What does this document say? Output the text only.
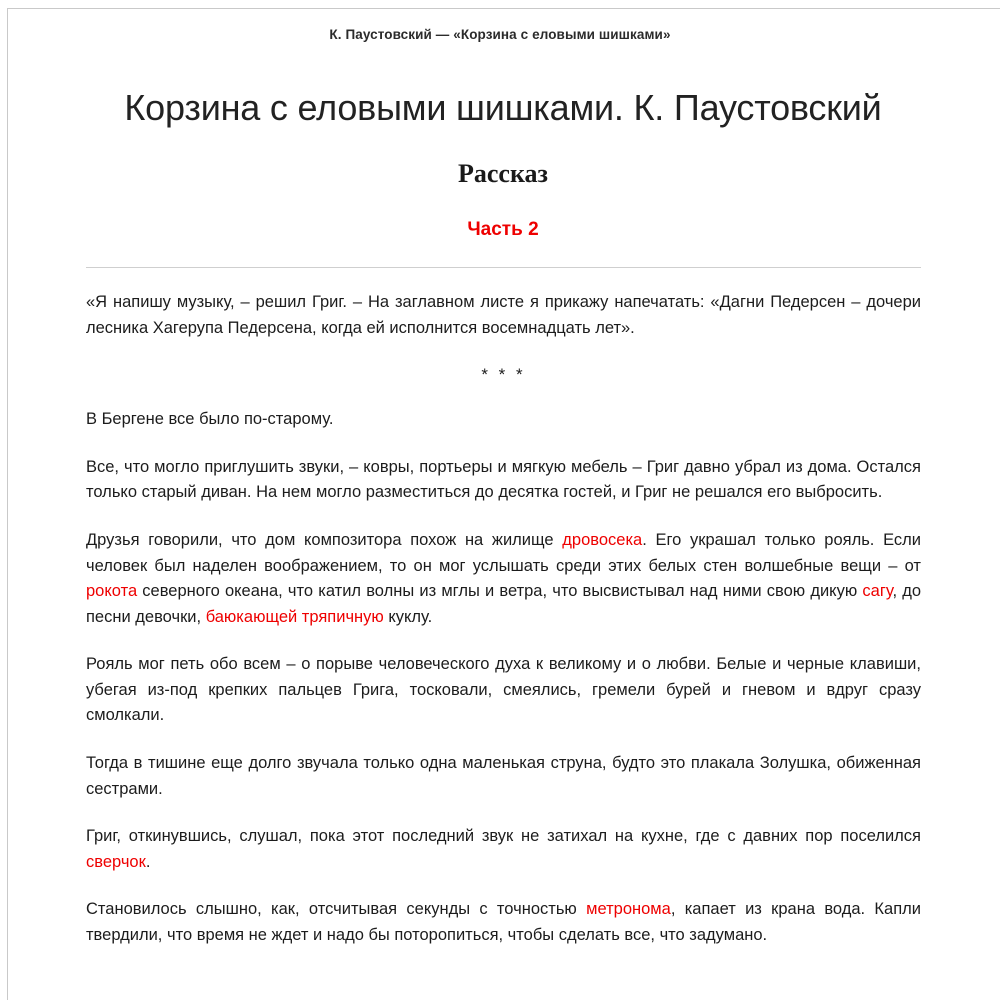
К. Паустовский — «Корзина с еловыми шишками»
Корзина с еловыми шишками. К. Паустовский
Рассказ
Часть 2

«Я напишу музыку, – решил Григ. – На заглавном листе я прикажу напечатать: «Дагни Педерсен – дочери лесника Хагерупа Педерсена, когда ей исполнится восемнадцать лет».

* * *

В Бергене все было по-старому.

Все, что могло приглушить звуки, – ковры, портьеры и мягкую мебель – Григ давно убрал из дома. Остался только старый диван. На нем могло разместиться до десятка гостей, и Григ не решался его выбросить.

Друзья говорили, что дом композитора похож на жилище дровосека. Его украшал только рояль. Если человек был наделен воображением, то он мог услышать среди этих белых стен волшебные вещи – от рокота северного океана, что катил волны из мглы и ветра, что высвистывал над ними свою дикую сагу, до песни девочки, баюкающей тряпичную куклу.

Рояль мог петь обо всем – о порыве человеческого духа к великому и о любви. Белые и черные клавиши, убегая из-под крепких пальцев Грига, тосковали, смеялись, гремели бурей и гневом и вдруг сразу смолкали.

Тогда в тишине еще долго звучала только одна маленькая струна, будто это плакала Золушка, обиженная сестрами.

Григ, откинувшись, слушал, пока этот последний звук не затихал на кухне, где с давних пор поселился сверчок.

Становилось слышно, как, отсчитывая секунды с точностью метронома, капает из крана вода. Капли твердили, что время не ждет и надо бы поторопиться, чтобы сделать все, что задумано.
